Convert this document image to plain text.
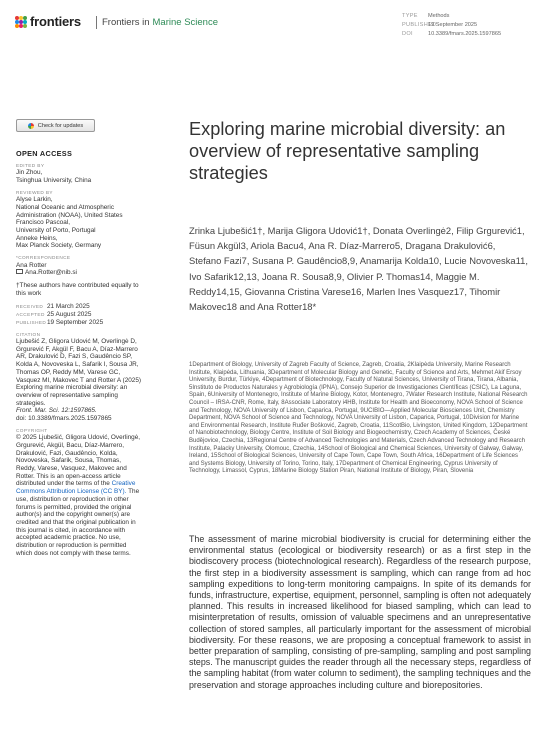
frontiers Frontiers in Marine Science
TYPE Methods
PUBLISHED19 September 2025
DOI	10.3389/fmars.2025.1597865
Check for updates
OPEN ACCESS
EDITED BY
Jin Zhou,
Tsinghua University, China
REVIEWED BY
Alyse Larkin,
National Oceanic and Atmospheric
Administration (NOAA), United States
Francisco Pascoal,
University of Porto, Portugal
Anneke Heins,
Max Planck Society, Germany
*CORRESPONDENCE
Ana Rotter
Ana.Rotter@nib.si
†These authors have contributed equally to this work
RECEIVED 21 March 2025
ACCEPTED 25 August 2025
PUBLISHED 19 September 2025
CITATION
Ljubešić Z, Gligora Udović M, Overlingė D, Grgurević F, Akgül F, Bacu A, Díaz-Marrero AR, Drakulović D, Fazi S, Gaudêncio SP, Kolda A, Novoveska L, Safarik I, Sousa JR, Thomas OP, Reddy MM, Varese GC, Vasquez MI, Makovec T and Rotter A (2025) Exploring marine microbial diversity: an overview of representative sampling strategies.
Front. Mar. Sci. 12:1597865.
doi: 10.3389/fmars.2025.1597865
COPYRIGHT
© 2025 Ljubešić, Gligora Udović, Overlingė, Grgurević, Akgül, Bacu, Díaz-Marrero, Drakulović, Fazi, Gaudêncio, Kolda, Novoveska, Safarik, Sousa, Thomas, Reddy, Varese, Vasquez, Makovec and Rotter. This is an open-access article distributed under the terms of the Creative Commons Attribution License (CC BY). The use, distribution or reproduction in other forums is permitted, provided the original author(s) and the copyright owner(s) are credited and that the original publication in this journal is cited, in accordance with accepted academic practice. No use, distribution or reproduction is permitted which does not comply with these terms.
Exploring marine microbial diversity: an overview of representative sampling strategies
Zrinka Ljubešić1†, Marija Gligora Udović1†, Donata Overlingė2, Filip Grgurević1, Füsun Akgül3, Ariola Bacu4, Ana R. Díaz-Marrero5, Dragana Drakulović6, Stefano Fazi7, Susana P. Gaudêncio8,9, Anamarija Kolda10, Lucie Novoveska11, Ivo Safarik12,13, Joana R. Sousa8,9, Olivier P. Thomas14, Maggie M. Reddy14,15, Giovanna Cristina Varese16, Marlen Ines Vasquez17, Tihomir Makovec18 and Ana Rotter18*
1Department of Biology, University of Zagreb Faculty of Science, Zagreb, Croatia, 2Klaipėda University, Marine Research Institute, Klaipėda, Lithuania, 3Department of Molecular Biology and Genetic, Faculty of Science and Arts, Mehmet Akif Ersoy University, Burdur, Türkiye, 4Department of Biotechnology, Faculty of Natural Sciences, University of Tirana, Tirana, Albania, 5Instituto de Productos Naturales y Agrobiología (IPNA), Consejo Superior de Investigaciones Científicas (CSIC), La Laguna, Spain, 6University of Montenegro, Institute of Marine Biology, Kotor, Montenegro, 7Water Research Institute, National Research Council – IRSA-CNR, Rome, Italy, 8Associate Laboratory i4HB, Institute for Health and Bioeconomy, NOVA School of Science and Technology, NOVA University of Lisbon, Caparica, Portugal, 9UCIBIO—Applied Molecular Biosciences Unit, Chemistry Department, NOVA School of Science and Technology, NOVA University of Lisbon, Caparica, Portugal, 10Division for Marine and Environmental Research, Institute Ruđer Bošković, Zagreb, Croatia, 11ScotBio, Livingston, United Kingdom, 12Department of Nanobiotechnology, Biology Centre, Institute of Soil Biology and Biogeochemistry, Czech Academy of Sciences, České Budějovice, Czechia, 13Regional Centre of Advanced Technologies and Materials, Czech Advanced Technology and Research Institute, Palacky University, Olomouc, Czechia, 14School of Biological and Chemical Sciences, University of Galway, Galway, Ireland, 15School of Biological Sciences, University of Cape Town, Cape Town, South Africa, 16Department of Life Sciences and Systems Biology, University of Torino, Torino, Italy, 17Department of Chemical Engineering, Cyprus University of Technology, Limassol, Cyprus, 18Marine Biology Station Piran, National Institute of Biology, Piran, Slovenia
The assessment of marine microbial biodiversity is crucial for determining either the environmental status (ecological or biodiversity research) or as a first step in the biodiscovery process (biotechnological research). Regardless of the research purpose, the first step in a biodiversity assessment is sampling, which can range from ad hoc sampling expeditions to long-term monitoring campaigns. In spite of its demands for funds, infrastructure, expertise, equipment, personnel, sampling is often not adequately planned. This results in increased likelihood for biased sampling, which can lead to misinterpretation of results, omission of valuable specimens and an unrepresentative collection of stored samples, all particularly important for the assessment of microbial biodiversity. For these reasons, we are proposing a conceptual framework to assist in better preparation of sampling, consisting of pre-sampling, sampling and post sampling steps. The manuscript guides the reader through all the necessary steps, regardless of the sampling habitat (from water column to sediment), the sampling techniques and the preservation and storage approaches including culture and biorepositories.
